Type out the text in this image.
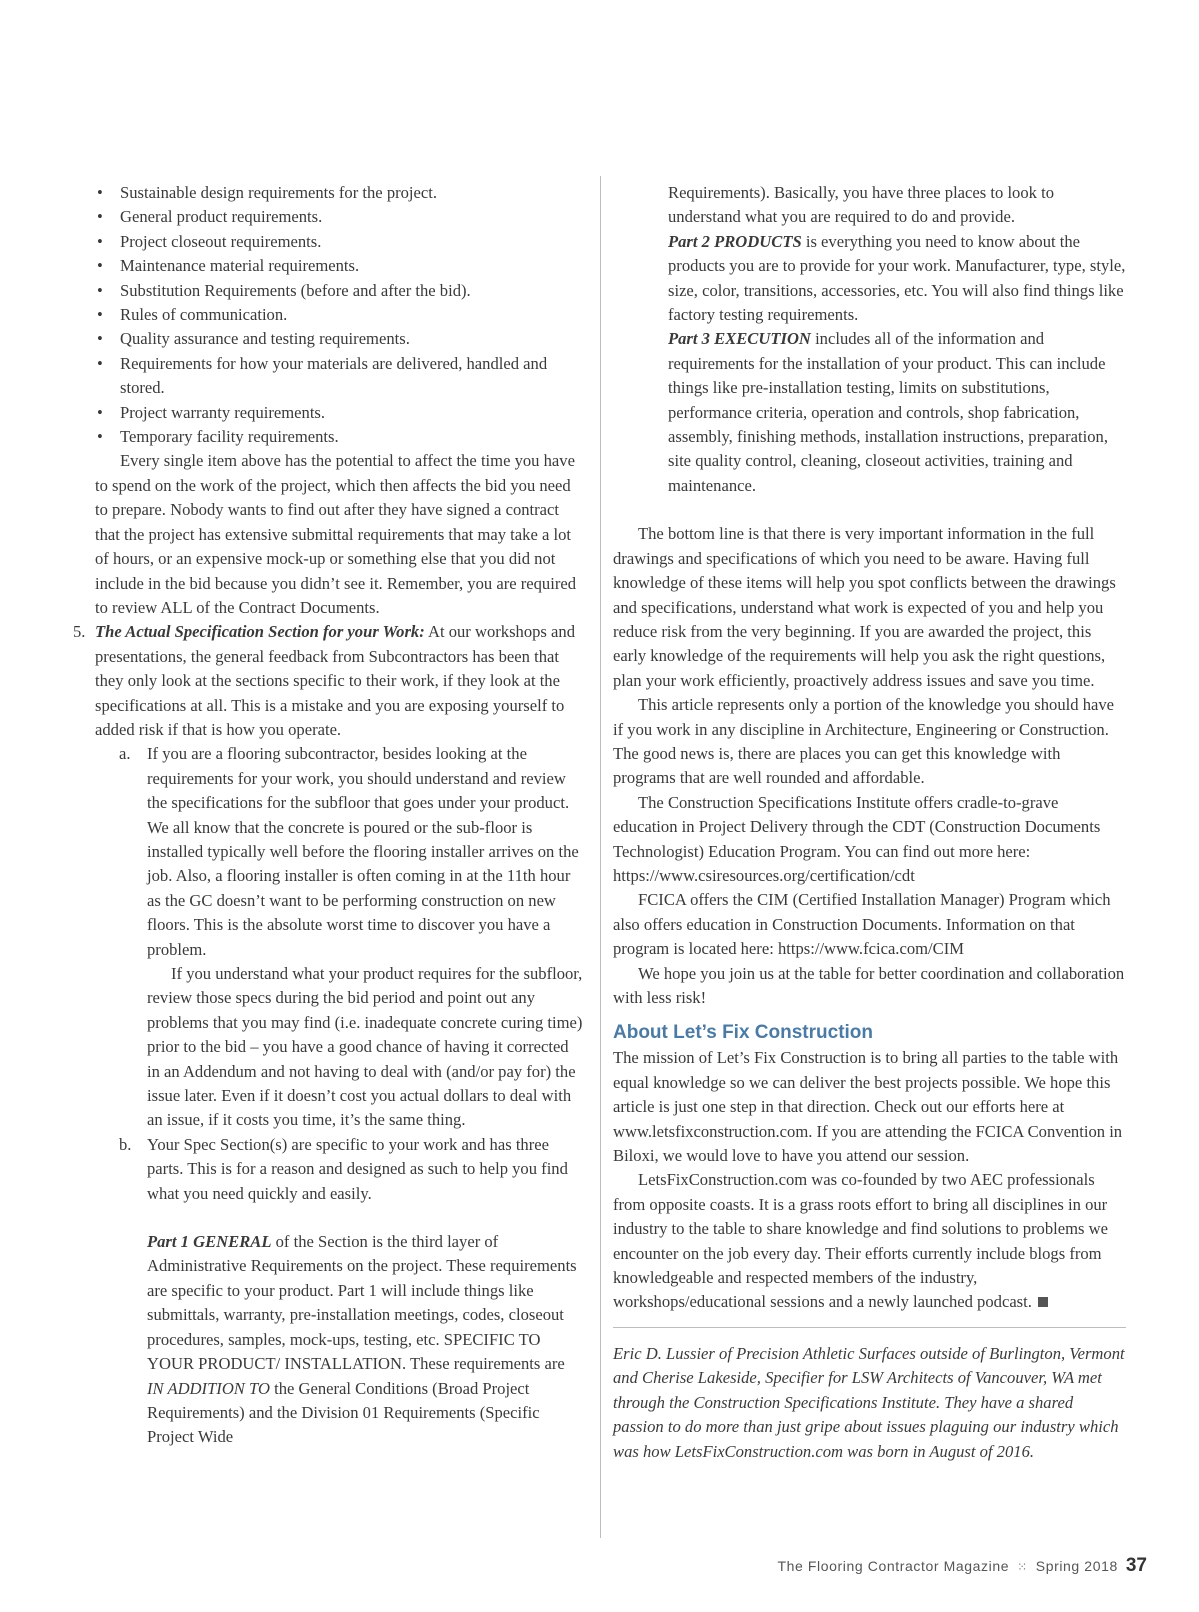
• Sustainable design requirements for the project.

• General product requirements.

• Project closeout requirements.

• Maintenance material requirements.

• Substitution Requirements (before and after the bid).

• Rules of communication.

• Quality assurance and testing requirements.

• Requirements for how your materials are delivered, handled and stored.

• Project warranty requirements.

• Temporary facility requirements.

Every single item above has the potential to affect the time you have to spend on the work of the project, which then affects the bid you need to prepare. Nobody wants to find out after they have signed a contract that the project has extensive submittal requirements that may take a lot of hours, or an expensive mock-up or something else that you did not include in the bid because you didn’t see it. Remember, you are required to review ALL of the Contract Documents.

5. The Actual Specification Section for your Work: At our workshops and presentations, the general feedback from Subcontractors has been that they only look at the sections specific to their work, if they look at the specifications at all. This is a mistake and you are exposing yourself to added risk if that is how you operate.

a. If you are a flooring subcontractor, besides looking at the requirements for your work, you should understand and review the specifications for the subfloor that goes under your product. We all know that the concrete is poured or the sub-floor is installed typically well before the flooring installer arrives on the job. Also, a flooring installer is often coming in at the 11th hour as the GC doesn’t want to be performing construction on new floors. This is the absolute worst time to discover you have a problem.

If you understand what your product requires for the subfloor, review those specs during the bid period and point out any problems that you may find (i.e. inadequate concrete curing time) prior to the bid – you have a good chance of having it corrected in an Addendum and not having to deal with (and/or pay for) the issue later. Even if it doesn’t cost you actual dollars to deal with an issue, if it costs you time, it’s the same thing.

b. Your Spec Section(s) are specific to your work and has three parts. This is for a reason and designed as such to help you find what you need quickly and easily.

Part 1 GENERAL of the Section is the third layer of Administrative Requirements on the project. These requirements are specific to your product. Part 1 will include things like submittals, warranty, pre-installation meetings, codes, closeout procedures, samples, mock-ups, testing, etc. SPECIFIC TO YOUR PRODUCT/ INSTALLATION. These requirements are IN ADDITION TO the General Conditions (Broad Project Requirements) and the Division 01 Requirements (Specific Project Wide

Requirements). Basically, you have three places to look to understand what you are required to do and provide.

Part 2 PRODUCTS is everything you need to know about the products you are to provide for your work. Manufacturer, type, style, size, color, transitions, accessories, etc. You will also find things like factory testing requirements.

Part 3 EXECUTION includes all of the information and requirements for the installation of your product. This can include things like pre-installation testing, limits on substitutions, performance criteria, operation and controls, shop fabrication, assembly, finishing methods, installation instructions, preparation, site quality control, cleaning, closeout activities, training and maintenance.

The bottom line is that there is very important information in the full drawings and specifications of which you need to be aware. Having full knowledge of these items will help you spot conflicts between the drawings and specifications, understand what work is expected of you and help you reduce risk from the very beginning. If you are awarded the project, this early knowledge of the requirements will help you ask the right questions, plan your work efficiently, proactively address issues and save you time.

This article represents only a portion of the knowledge you should have if you work in any discipline in Architecture, Engineering or Construction. The good news is, there are places you can get this knowledge with programs that are well rounded and affordable.

The Construction Specifications Institute offers cradle-to-grave education in Project Delivery through the CDT (Construction Documents Technologist) Education Program. You can find out more here: https://www.csiresources.org/certification/cdt

FCICA offers the CIM (Certified Installation Manager) Program which also offers education in Construction Documents. Information on that program is located here: https://www.fcica.com/CIM

We hope you join us at the table for better coordination and collaboration with less risk!

About Let’s Fix Construction

The mission of Let’s Fix Construction is to bring all parties to the table with equal knowledge so we can deliver the best projects possible. We hope this article is just one step in that direction. Check out our efforts here at www.letsfixconstruction.com. If you are attending the FCICA Convention in Biloxi, we would love to have you attend our session.

LetsFixConstruction.com was co-founded by two AEC professionals from opposite coasts. It is a grass roots effort to bring all disciplines in our industry to the table to share knowledge and find solutions to problems we encounter on the job every day. Their efforts currently include blogs from knowledgeable and respected members of the industry, workshops/educational sessions and a newly launched podcast.

Eric D. Lussier of Precision Athletic Surfaces outside of Burlington, Vermont and Cherise Lakeside, Specifier for LSW Architects of Vancouver, WA met through the Construction Specifications Institute. They have a shared passion to do more than just gripe about issues plaguing our industry which was how LetsFixConstruction.com was born in August of 2016.

The Flooring Contractor Magazine ⁙ Spring 2018 37
